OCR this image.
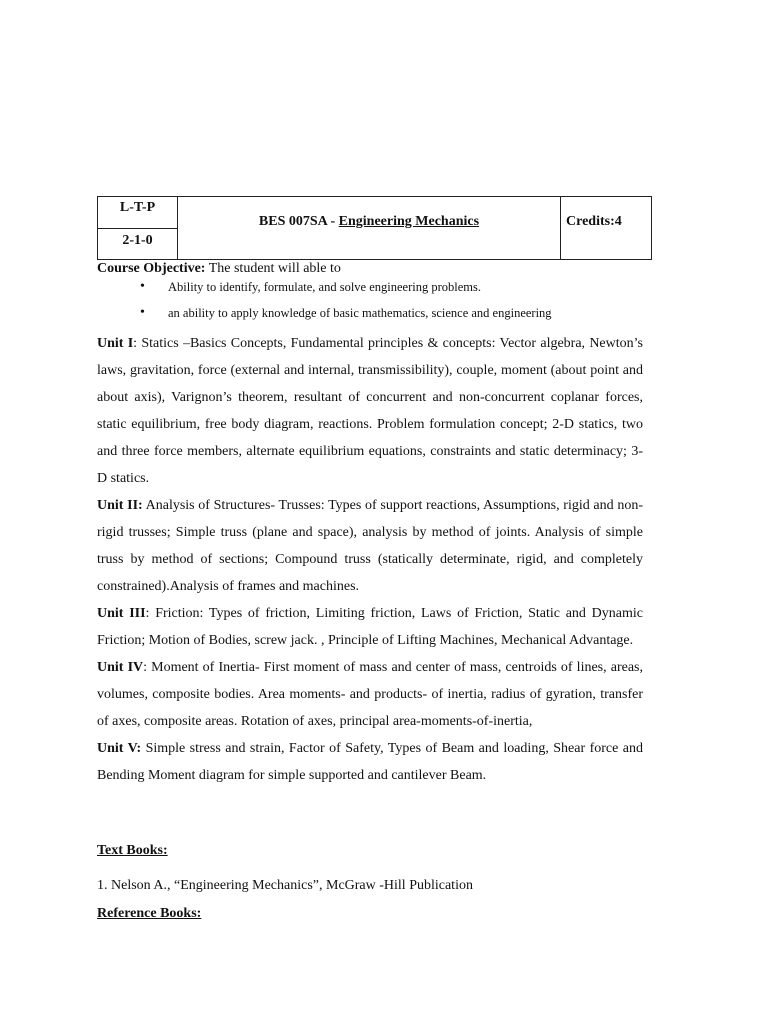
L-T-P
2-1-0
BES 007SA - Engineering Mechanics	Credits:4
Course Objective: The student will able to
• Ability to identify, formulate, and solve engineering problems.
• an ability to apply knowledge of basic mathematics, science and engineering

Unit I: Statics –Basics Concepts, Fundamental principles & concepts: Vector algebra, Newton’s laws, gravitation, force (external and internal, transmissibility), couple, moment (about point and about axis), Varignon’s theorem, resultant of concurrent and non-concurrent coplanar forces, static equilibrium, free body diagram, reactions. Problem formulation concept; 2-D statics, two and three force members, alternate equilibrium equations, constraints and static determinacy; 3-D statics.

Unit II: Analysis of Structures- Trusses: Types of support reactions, Assumptions, rigid and non-rigid trusses; Simple truss (plane and space), analysis by method of joints. Analysis of simple truss by method of sections; Compound truss (statically determinate, rigid, and completely constrained).Analysis of frames and machines.

Unit III: Friction: Types of friction, Limiting friction, Laws of Friction, Static and Dynamic Friction; Motion of Bodies, screw jack. , Principle of Lifting Machines, Mechanical Advantage.

Unit IV: Moment of Inertia- First moment of mass and center of mass, centroids of lines, areas, volumes, composite bodies. Area moments- and products- of inertia, radius of gyration, transfer of axes, composite areas. Rotation of axes, principal area-moments-of-inertia,

Unit V: Simple stress and strain, Factor of Safety, Types of Beam and loading, Shear force and Bending Moment diagram for simple supported and cantilever Beam.

Text Books:
1. Nelson A., “Engineering Mechanics”, McGraw -Hill Publication
Reference Books:
